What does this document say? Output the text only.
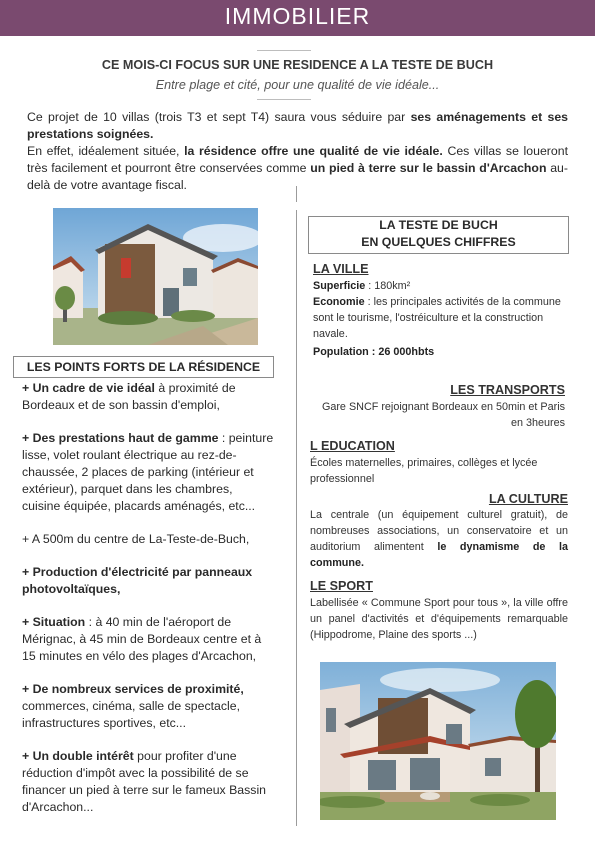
IMMOBILIER
CE MOIS-CI FOCUS SUR UNE RESIDENCE A LA TESTE DE BUCH
Entre plage et cité, pour une qualité de vie idéale...

Ce projet de 10 villas (trois T3 et sept T4) saura vous séduire par ses aménagements et ses prestations soignées.

En effet, idéalement située, la résidence offre une qualité de vie idéale. Ces villas se loueront très facilement et pourront être conservées comme un pied à terre sur le bassin d'Arcachon au-delà de votre avantage fiscal.

LES POINTS FORTS DE LA RÉSIDENCE

+ Un cadre de vie idéal à proximité de Bordeaux et de son bassin d'emploi,

+ Des prestations haut de gamme : peinture lisse, volet roulant électrique au rez-de-chaussée, 2 places de parking (intérieur et extérieur), parquet dans les chambres, cuisine équipée, placards aménagés, etc...

+ A 500m du centre de La-Teste-de-Buch,

+ Production d'électricité par panneaux photovoltaïques,

+ Situation : à 40 min de l'aéroport de Mérignac, à 45 min de Bordeaux centre et à 15 minutes en vélo des plages d'Arcachon,

+ De nombreux services de proximité, commerces, cinéma, salle de spectacle, infrastructures sportives, etc...

+ Un double intérêt pour profiter d'une réduction d'impôt avec la possibilité de se financer un pied à terre sur le fameux Bassin d'Arcachon...

LA TESTE DE BUCH
EN QUELQUES CHIFFRES
LA VILLE
Superficie : 180km²
Economie : les principales activités de la commune sont le tourisme, l'ostréiculture et la construction navale.
Population : 26 000hbts
LES TRANSPORTS
Gare SNCF rejoignant Bordeaux en 50min et Paris en 3heures
L EDUCATION
Écoles maternelles, primaires, collèges et lycée professionnel
LA CULTURE
La centrale (un équipement culturel gratuit), de nombreuses associations, un conservatoire et un auditorium alimentent le dynamisme de la commune.
LE SPORT
Labellisée « Commune Sport pour tous », la ville offre un panel d'activités et d'équipements remarquable (Hippodrome, Plaine des sports ...)
